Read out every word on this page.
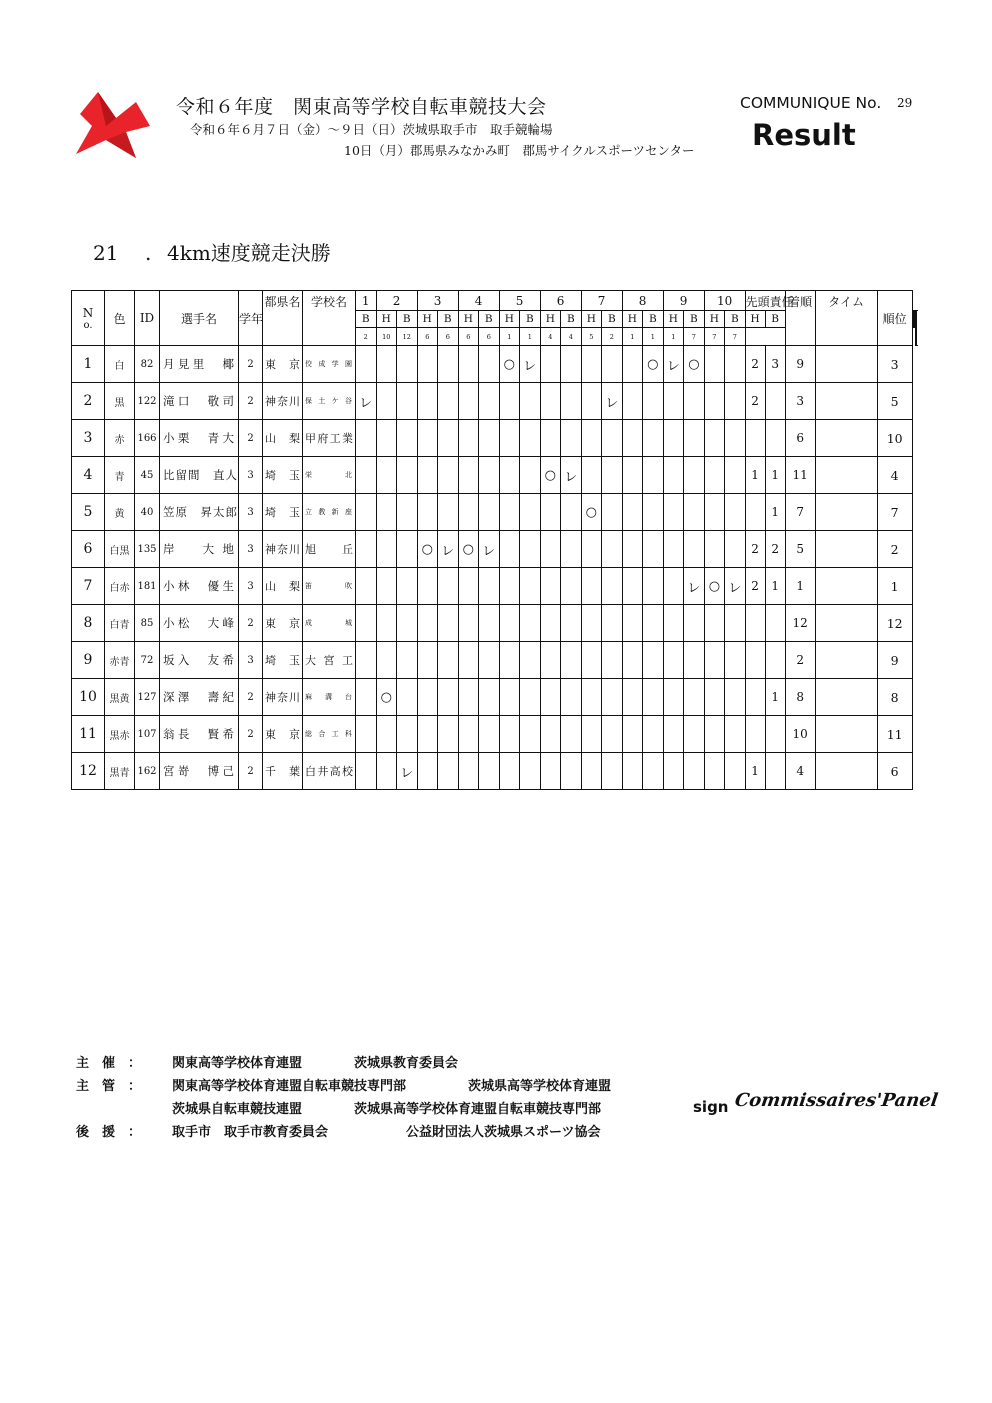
令和６年度　関東高等学校自転車競技大会
令和６年６月７日（金）～９日（日）茨城県取手市　取手競輪場
10日（月）郡馬県みなかみ町　郡馬サイクルスポーツセンター
COMMUNIQUE No. 29
Result
21 . 4km速度競走決勝
N
o.	色	ID	選手名	学年	都県名	学校名	1	2		3		4		5		6		7		8		9		10		先頭責任		着順	タイム	順位			
							B	H	B	H	B	H	B	H	B	H	B	H	B	H	B	H	B	H	B	H	B																				
							2	10	12	6	6	6	6	1	1	4	4	5	2	1	1	1	7	7	7								
1	白	82	月見里　椰	2	東　京	佼成学園								○	レ						○	レ	○			2	3	9		3			
2	黒	122	滝口　敬司	2	神奈川	保土ケ谷	レ												レ							2		3		5			
3	赤	166	小栗　青大	2	山　梨	甲府工業																						6		10			
4	青	45	比留間　直人	3	埼　玉	栄　北										○	レ									1	1	11		4			
5	黄	40	笠原　昇太郎	3	埼　玉	立教新座												○									1	7		7			
6	白黒	135	岸　大地	3	神奈川	旭　丘				○	レ	○	レ													2	2	5		2			
7	白赤	181	小林　優生	3	山　梨	笛　吹																	レ	○	レ	2	1	1		1			
8	白青	85	小松　大峰	2	東　京	成　城																						12		12			
9	赤青	72	坂入　友希	3	埼　玉	大宮工																						2		9			
10	黒黄	127	深澤　壽紀	2	神奈川	麻溝台		○																			1	8		8			
11	黒赤	107	翁長　賢希	2	東　京	総合工科																						10		11			
12	黒青	162	宮嵜　博己	2	千　葉	白井高校			レ																	1		4		6			
主　催　： 関東高等学校体育連盟	茨城県教育委員会
主　管　： 関東高等学校体育連盟自転車競技専門部	茨城県高等学校体育連盟
茨城県自転車競技連盟	茨城県高等学校体育連盟自転車競技専門部
後　援　： 取手市　取手市教育委員会	公益財団法人茨城県スポーツ協会
sign Commissaires'Panel
